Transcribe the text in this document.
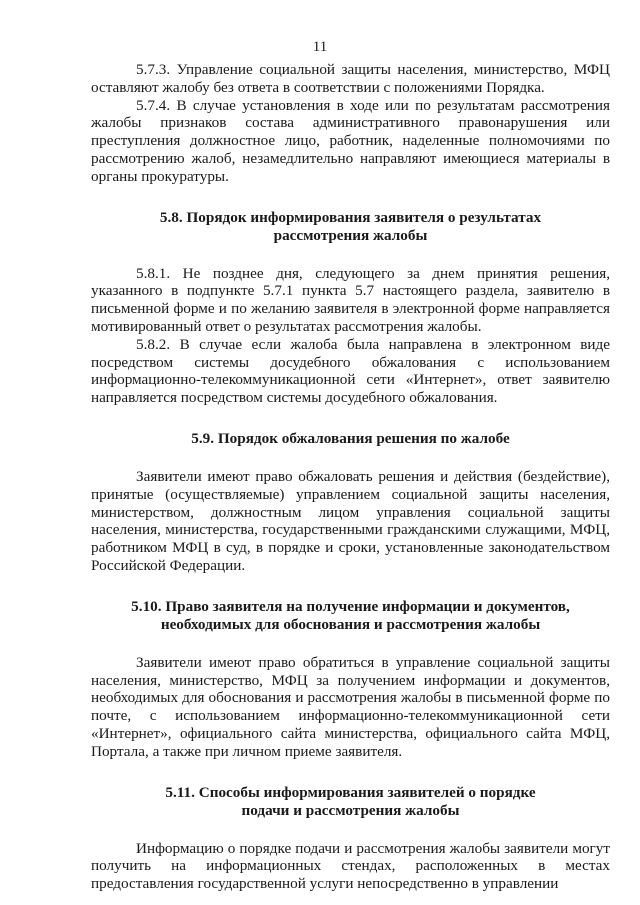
11

5.7.3. Управление социальной защиты населения, министерство, МФЦ оставляют жалобу без ответа в соответствии с положениями Порядка.

5.7.4. В случае установления в ходе или по результатам рассмотрения жалобы признаков состава административного правонарушения или преступления должностное лицо, работник, наделенные полномочиями по рассмотрению жалоб, незамедлительно направляют имеющиеся материалы в органы прокуратуры.

5.8. Порядок информирования заявителя о результатах
рассмотрения жалобы

5.8.1. Не позднее дня, следующего за днем принятия решения, указанного в подпункте 5.7.1 пункта 5.7 настоящего раздела, заявителю в письменной форме и по желанию заявителя в электронной форме направляется мотивированный ответ о результатах рассмотрения жалобы.

5.8.2. В случае если жалоба была направлена в электронном виде посредством системы досудебного обжалования с использованием информационно-телекоммуникационной сети «Интернет», ответ заявителю направляется посредством системы досудебного обжалования.

5.9. Порядок обжалования решения по жалобе

Заявители имеют право обжаловать решения и действия (бездействие), принятые (осуществляемые) управлением социальной защиты населения, министерством, должностным лицом управления социальной защиты населения, министерства, государственными гражданскими служащими, МФЦ, работником МФЦ в суд, в порядке и сроки, установленные законодательством Российской Федерации.

5.10. Право заявителя на получение информации и документов,
необходимых для обоснования и рассмотрения жалобы

Заявители имеют право обратиться в управление социальной защиты населения, министерство, МФЦ за получением информации и документов, необходимых для обоснования и рассмотрения жалобы в письменной форме по почте, с использованием информационно-телекоммуникационной сети «Интернет», официального сайта министерства, официального сайта МФЦ, Портала, а также при личном приеме заявителя.

5.11. Способы информирования заявителей о порядке
подачи и рассмотрения жалобы

Информацию о порядке подачи и рассмотрения жалобы заявители могут получить на информационных стендах, расположенных в местах предоставления государственной услуги непосредственно в управлении
